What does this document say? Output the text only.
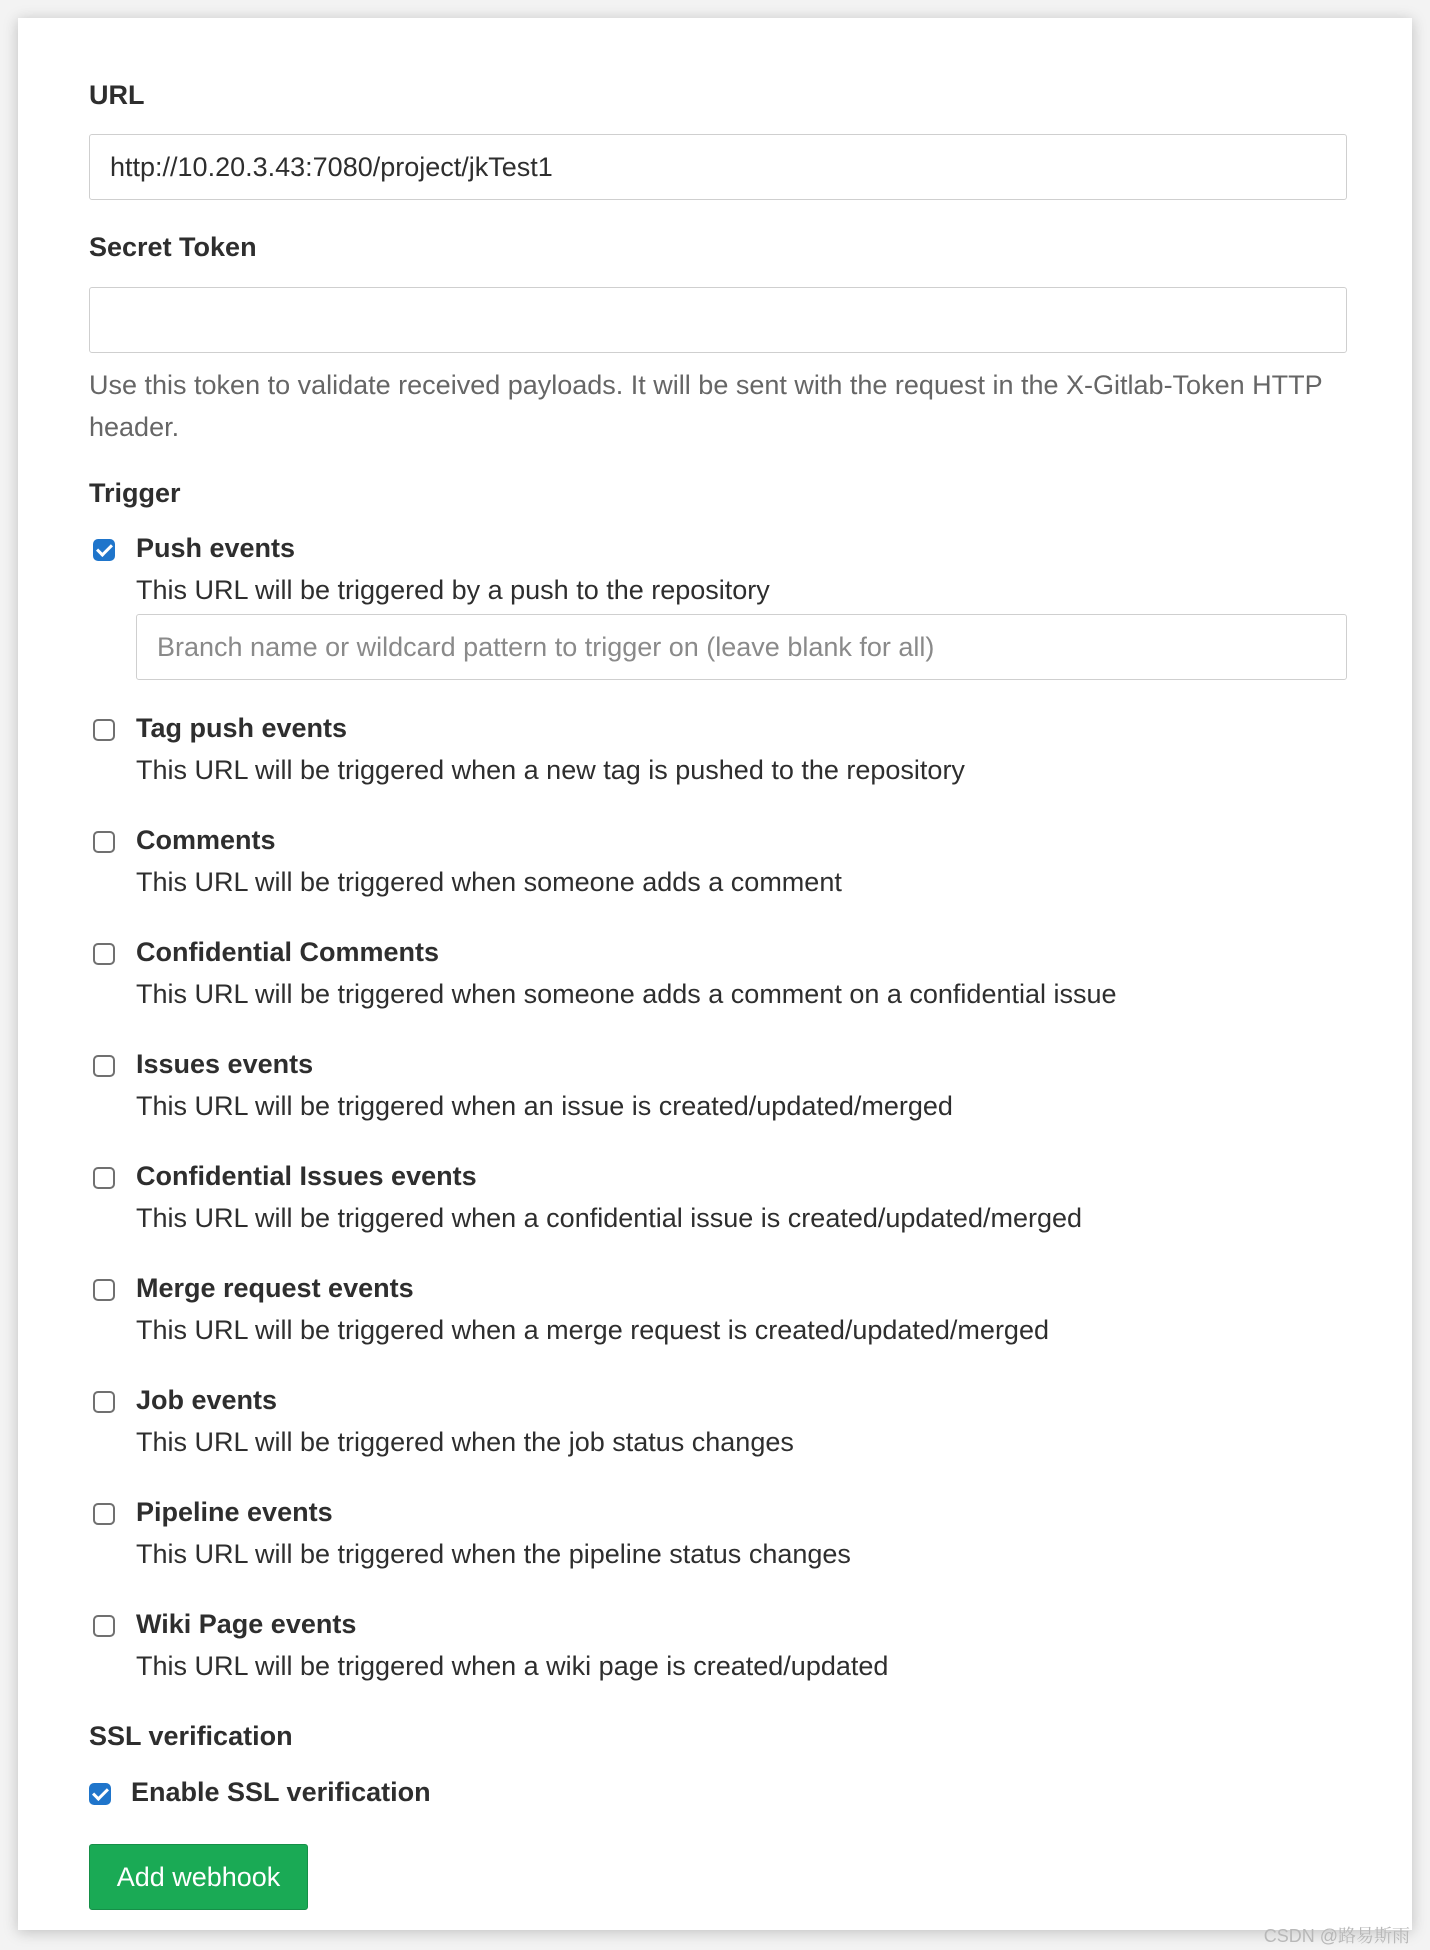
URL
http://10.20.3.43:7080/project/jkTest1
Secret Token
Use this token to validate received payloads. It will be sent with the request in the X-Gitlab-Token HTTP header.
Trigger
Push events
This URL will be triggered by a push to the repository
Branch name or wildcard pattern to trigger on (leave blank for all)
Tag push events
This URL will be triggered when a new tag is pushed to the repository
Comments
This URL will be triggered when someone adds a comment
Confidential Comments
This URL will be triggered when someone adds a comment on a confidential issue
Issues events
This URL will be triggered when an issue is created/updated/merged
Confidential Issues events
This URL will be triggered when a confidential issue is created/updated/merged
Merge request events
This URL will be triggered when a merge request is created/updated/merged
Job events
This URL will be triggered when the job status changes
Pipeline events
This URL will be triggered when the pipeline status changes
Wiki Page events
This URL will be triggered when a wiki page is created/updated
SSL verification
Enable SSL verification
Add webhook
CSDN @路易斯雨
